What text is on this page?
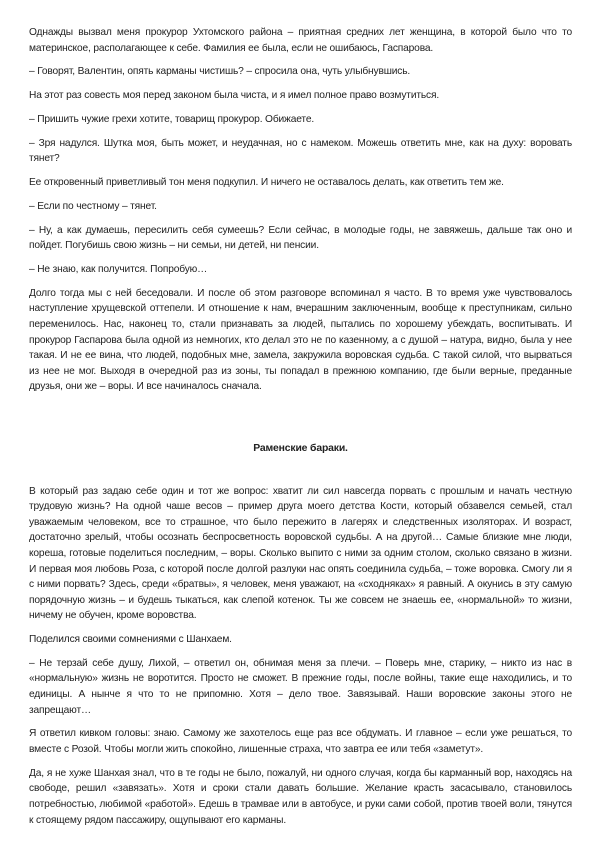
Однажды вызвал меня прокурор Ухтомского района – приятная средних лет женщина, в которой было что то материнское, располагающее к себе. Фамилия ее была, если не ошибаюсь, Гаспарова.

– Говорят, Валентин, опять карманы чистишь? – спросила она, чуть улыбнувшись.

На этот раз совесть моя перед законом была чиста, и я имел полное право возмутиться.

– Пришить чужие грехи хотите, товарищ прокурор. Обижаете.

– Зря надулся. Шутка моя, быть может, и неудачная, но с намеком. Можешь ответить мне, как на духу: воровать тянет?

Ее откровенный приветливый тон меня подкупил. И ничего не оставалось делать, как ответить тем же.

– Если по честному – тянет.

– Ну, а как думаешь, пересилить себя сумеешь? Если сейчас, в молодые годы, не завяжешь, дальше так оно и пойдет. Погубишь свою жизнь – ни семьи, ни детей, ни пенсии.

– Не знаю, как получится. Попробую…

Долго тогда мы с ней беседовали. И после об этом разговоре вспоминал я часто. В то время уже чувствовалось наступление хрущевской оттепели. И отношение к нам, вчерашним заключенным, вообще к преступникам, сильно переменилось. Нас, наконец то, стали признавать за людей, пытались по хорошему убеждать, воспитывать. И прокурор Гаспарова была одной из немногих, кто делал это не по казенному, а с душой – натура, видно, была у нее такая. И не ее вина, что людей, подобных мне, замела, закружила воровская судьба. С такой силой, что вырваться из нее не мог. Выходя в очередной раз из зоны, ты попадал в прежнюю компанию, где были верные, преданные друзья, они же – воры. И все начиналось сначала.

Раменские бараки.

В который раз задаю себе один и тот же вопрос: хватит ли сил навсегда порвать с прошлым и начать честную трудовую жизнь? На одной чаше весов – пример друга моего детства Кости, который обзавелся семьей, стал уважаемым человеком, все то страшное, что было пережито в лагерях и следственных изоляторах. И возраст, достаточно зрелый, чтобы осознать беспросветность воровской судьбы. А на другой… Самые близкие мне люди, кореша, готовые поделиться последним, – воры. Сколько выпито с ними за одним столом, сколько связано в жизни. И первая моя любовь Роза, с которой после долгой разлуки нас опять соединила судьба, – тоже воровка. Смогу ли я с ними порвать? Здесь, среди «братвы», я человек, меня уважают, на «сходняках» я равный. А окунись в эту самую порядочную жизнь – и будешь тыкаться, как слепой котенок. Ты же совсем не знаешь ее, «нормальной» то жизни, ничему не обучен, кроме воровства.

Поделился своими сомнениями с Шанхаем.

– Не терзай себе душу, Лихой, – ответил он, обнимая меня за плечи. – Поверь мне, старику, – никто из нас в «нормальную» жизнь не воротится. Просто не сможет. В прежние годы, после войны, такие еще находились, и то единицы. А нынче я что то не припомню. Хотя – дело твое. Завязывай. Наши воровские законы этого не запрещают…

Я ответил кивком головы: знаю. Самому же захотелось еще раз все обдумать. И главное – если уже решаться, то вместе с Розой. Чтобы могли жить спокойно, лишенные страха, что завтра ее или тебя «заметут».

Да, я не хуже Шанхая знал, что в те годы не было, пожалуй, ни одного случая, когда бы карманный вор, находясь на свободе, решил «завязать». Хотя и сроки стали давать большие. Желание красть засасывало, становилось потребностью, любимой «работой». Едешь в трамвае или в автобусе, и руки сами собой, против твоей воли, тянутся к стоящему рядом пассажиру, ощупывают его карманы.
